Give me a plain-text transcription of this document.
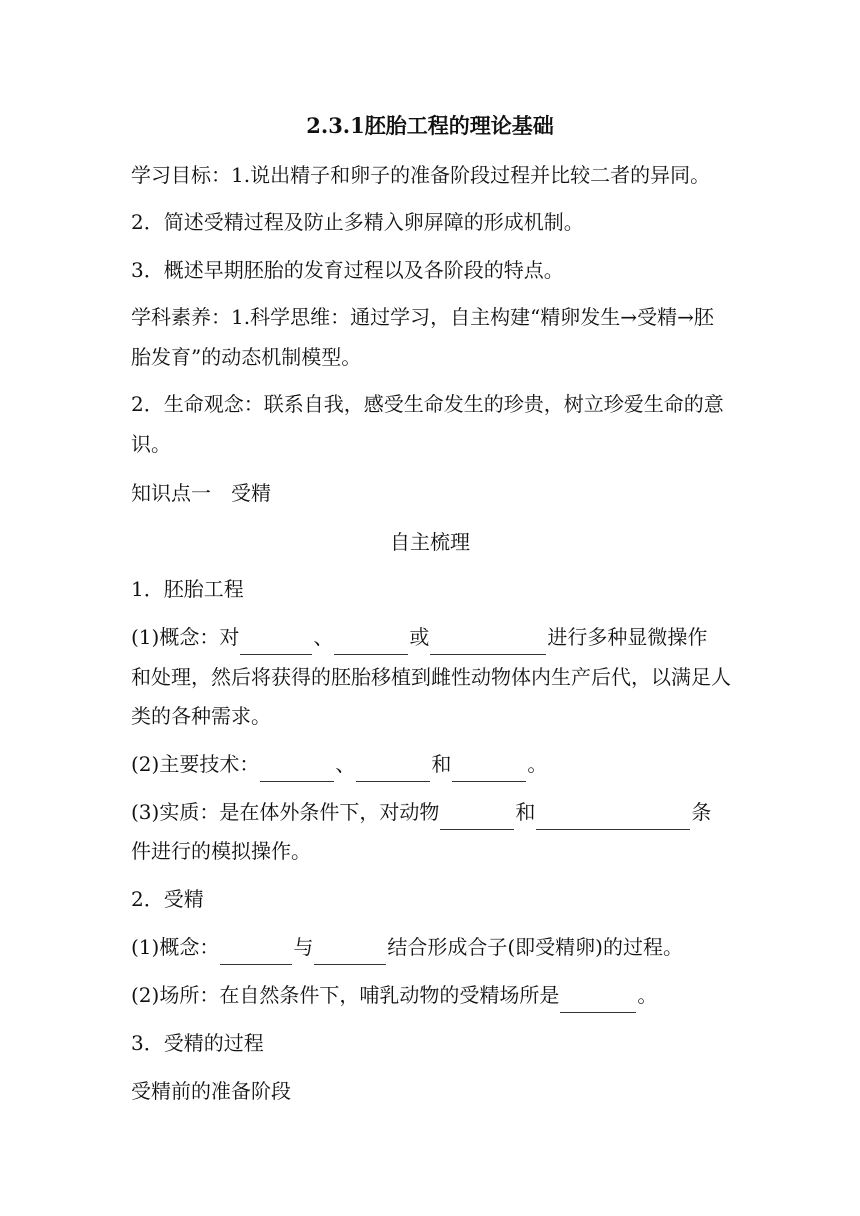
2.3.1胚胎工程的理论基础
学习目标：1.说出精子和卵子的准备阶段过程并比较二者的异同。
2．简述受精过程及防止多精入卵屏障的形成机制。
3．概述早期胚胎的发育过程以及各阶段的特点。
学科素养：1.科学思维：通过学习，自主构建“精卵发生→受精→胚
胎发育”的动态机制模型。
2．生命观念：联系自我，感受生命发生的珍贵，树立珍爱生命的意
识。
知识点一　受精
自主梳理
1．胚胎工程
(1)概念：对	、	或	进行多种显微操作
和处理，然后将获得的胚胎移植到雌性动物体内生产后代，以满足人
类的各种需求。
(2)主要技术：	、	和	。
(3)实质：是在体外条件下，对动物	和	条
件进行的模拟操作。
2．受精
(1)概念：	与	结合形成合子(即受精卵)的过程。
(2)场所：在自然条件下，哺乳动物的受精场所是	。
3．受精的过程
受精前的准备阶段
